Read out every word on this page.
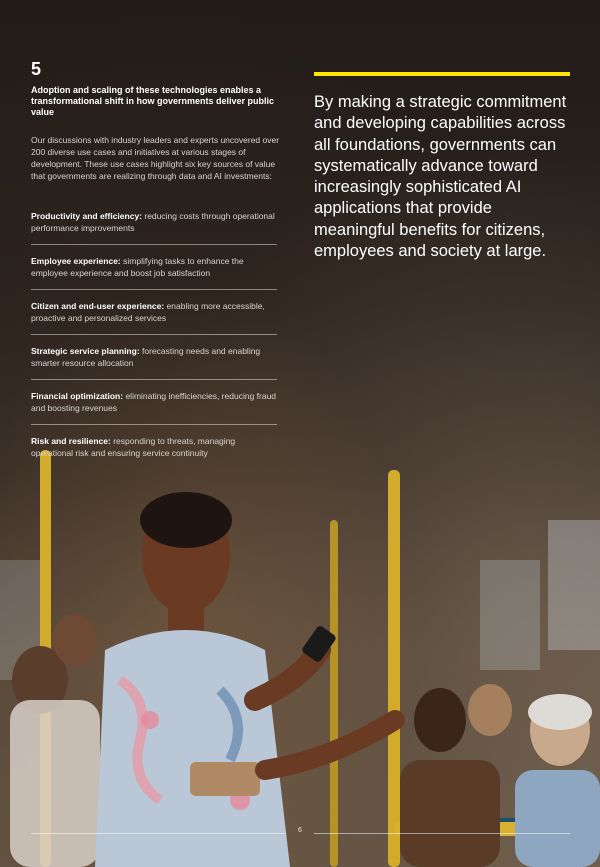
5
Adoption and scaling of these technologies enables a transformational shift in how governments deliver public value
Our discussions with industry leaders and experts uncovered over 200 diverse use cases and initiatives at various stages of development. These use cases highlight six key sources of value that governments are realizing through data and AI investments:
Productivity and efficiency: reducing costs through operational performance improvements
Employee experience: simplifying tasks to enhance the employee experience and boost job satisfaction
Citizen and end-user experience: enabling more accessible, proactive and personalized services
Strategic service planning: forecasting needs and enabling smarter resource allocation
Financial optimization: eliminating inefficiencies, reducing fraud and boosting revenues
Risk and resilience: responding to threats, managing operational risk and ensuring service continuity
By making a strategic commitment and developing capabilities across all foundations, governments can systematically advance toward increasingly sophisticated AI applications that provide meaningful benefits for citizens, employees and society at large.
6
